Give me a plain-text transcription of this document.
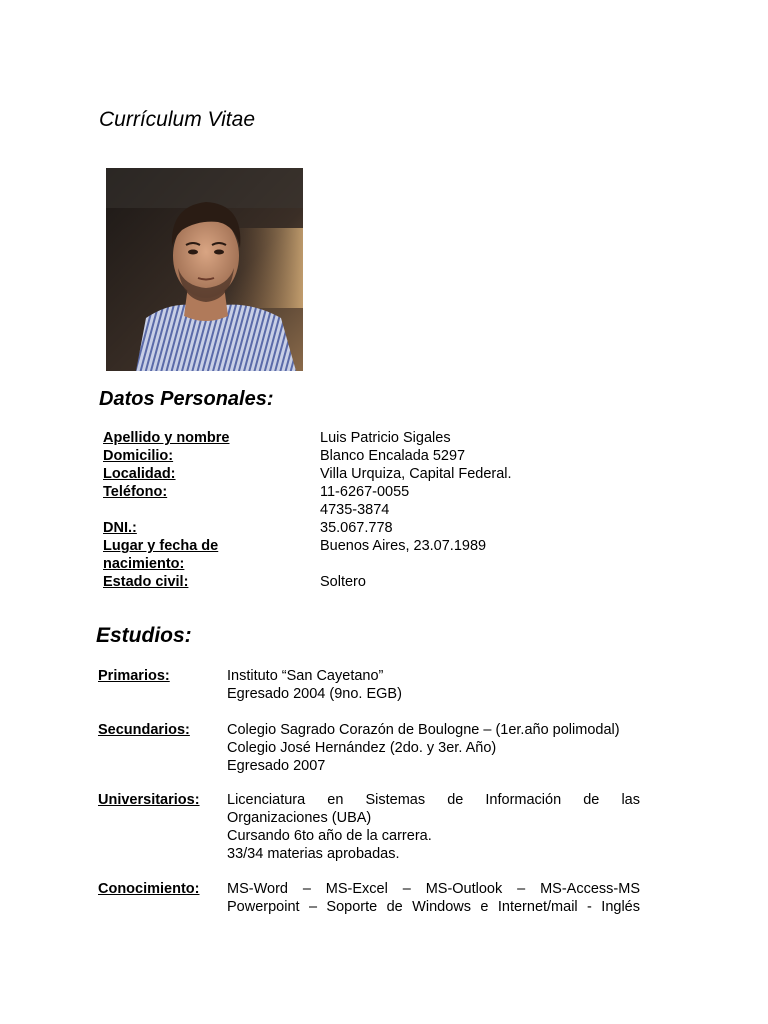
Currículum Vitae
Datos Personales:
Apellido y nombre	Luis Patricio Sigales
Domicilio:	Blanco Encalada 5297
Localidad:	Villa Urquiza, Capital Federal.
Teléfono:	11-6267-0055
4735-3874
DNI.:	35.067.778
Lugar y fecha de	Buenos Aires, 23.07.1989
nacimiento:
Estado civil:	Soltero
Estudios:
Primarios:	Instituto “San Cayetano”
Egresado 2004 (9no. EGB)
Secundarios:	Colegio Sagrado Corazón de Boulogne – (1er.año polimodal)
Colegio José Hernández (2do. y 3er. Año)
Egresado 2007
Universitarios:	Licenciatura en Sistemas de Información de las
Organizaciones (UBA)
Cursando 6to año de la carrera.
33/34 materias aprobadas.
Conocimiento:	MS-Word – MS-Excel – MS-Outlook – MS-Access-MS
Powerpoint – Soporte de Windows e Internet/mail - Inglés
